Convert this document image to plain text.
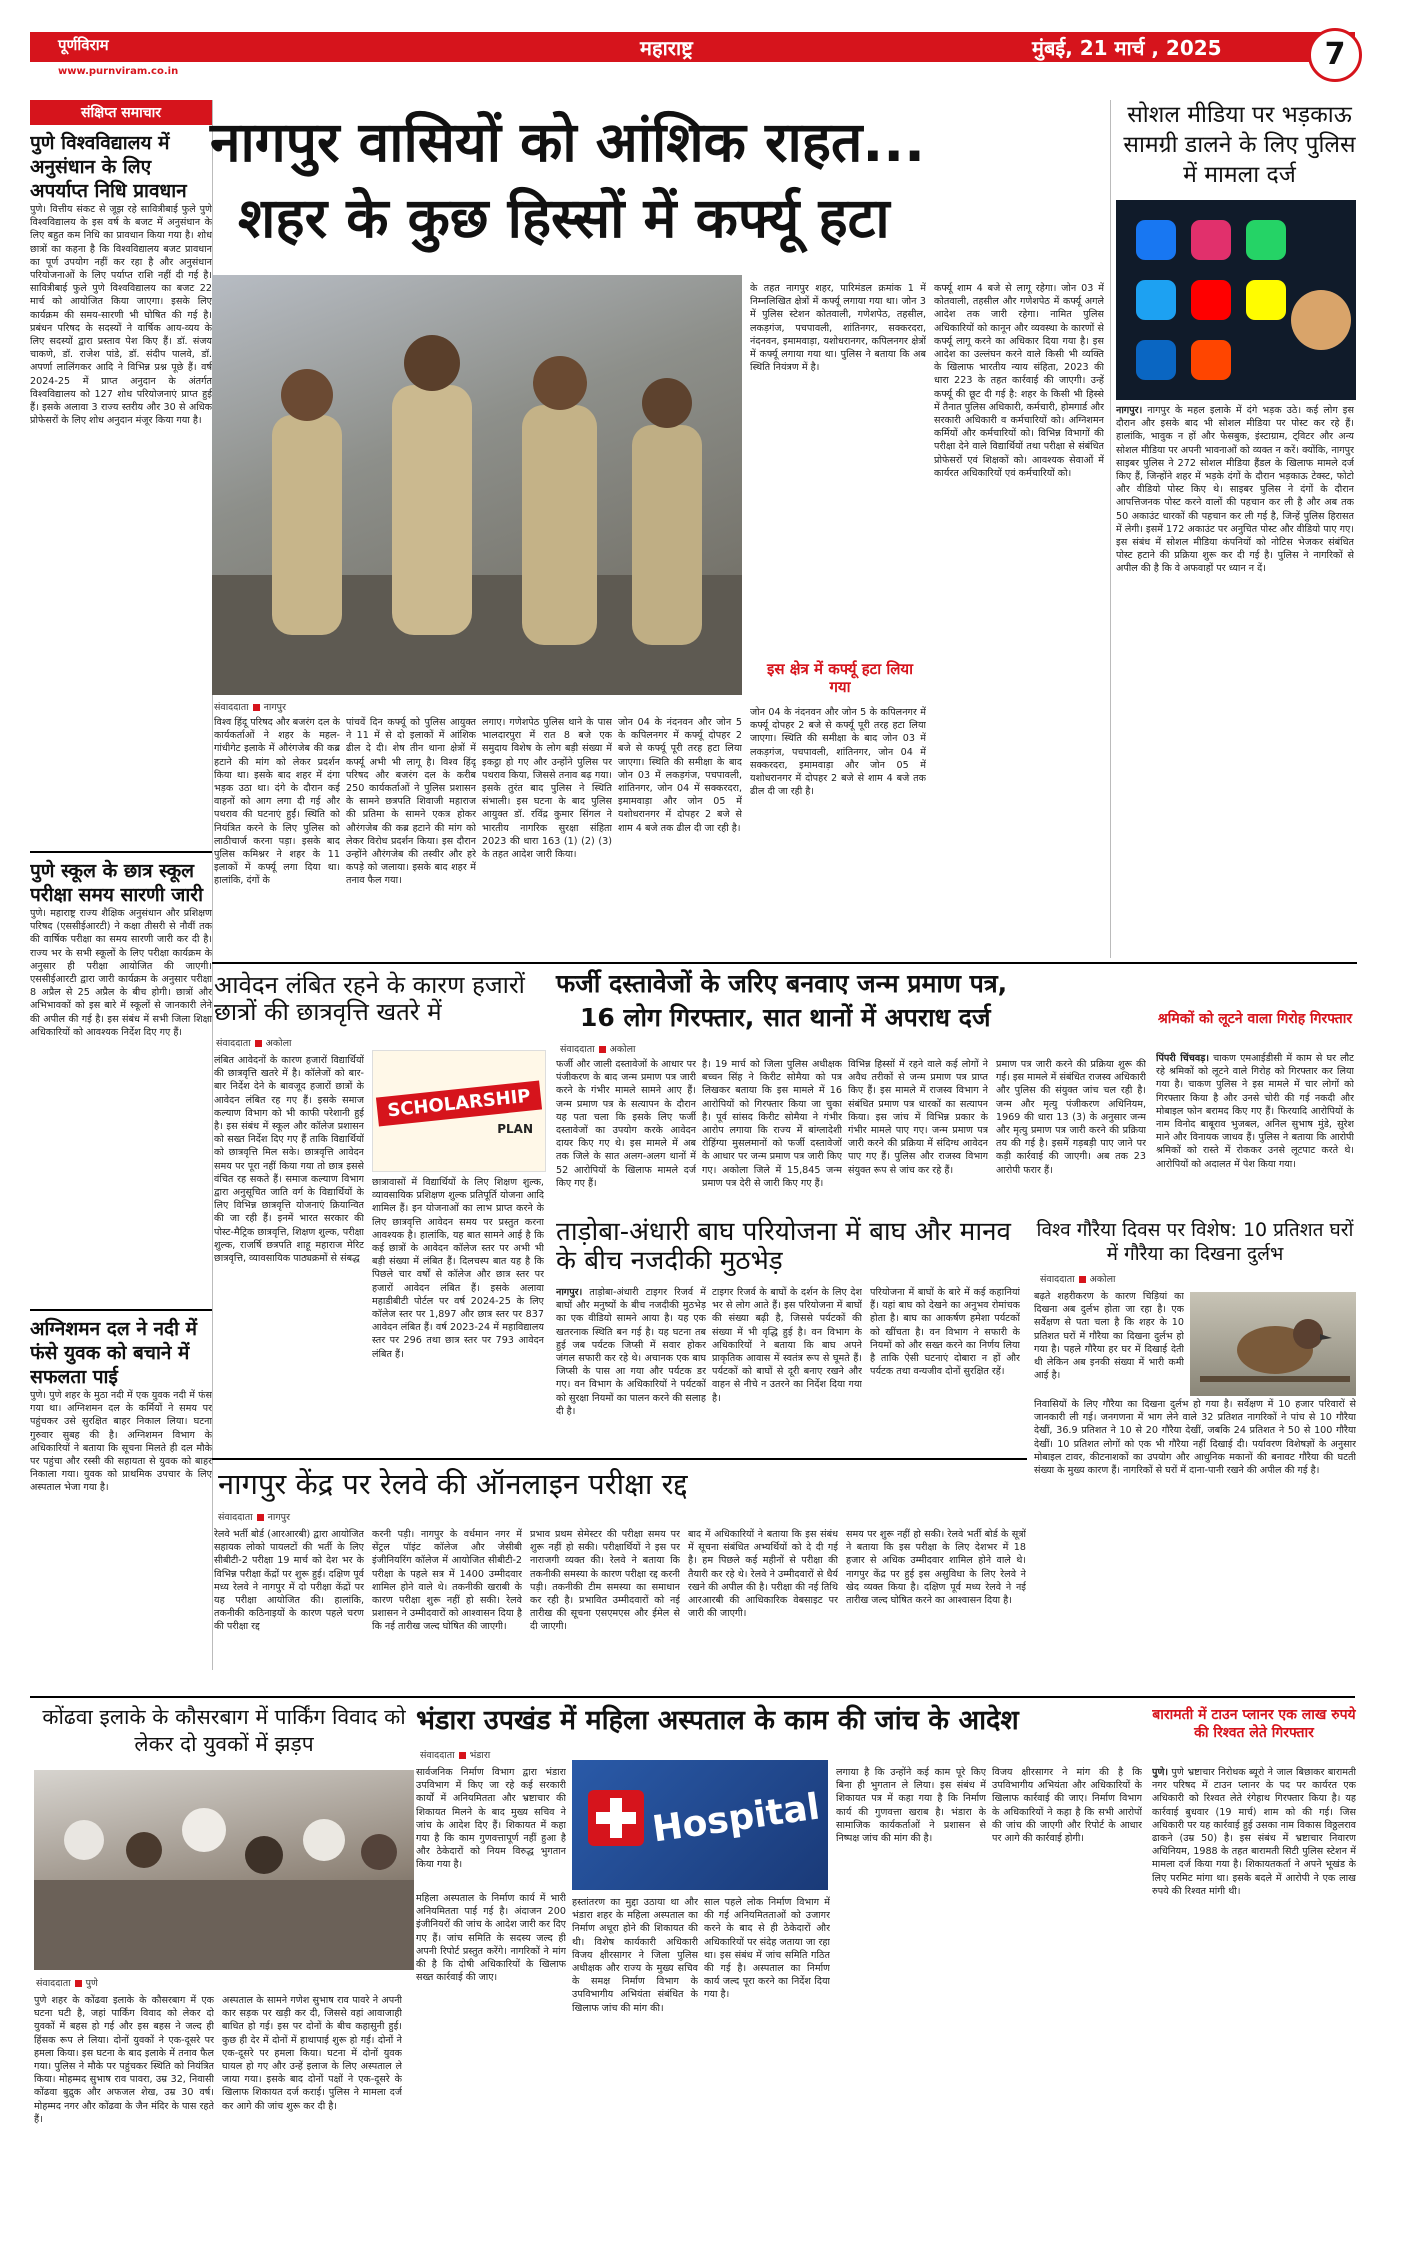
पूर्णविराम
www.purnviram.co.in
महाराष्ट्र	मुंबई, 21 मार्च , 2025	7
संक्षिप्त समाचार
पुणे विश्वविद्यालय में अनुसंधान के लिए अपर्याप्त निधि प्रावधान
पुणे। वित्तीय संकट से जूझ रहे सावित्रीबाई फुले पुणे विश्वविद्यालय के इस वर्ष के बजट में अनुसंधान के लिए बहुत कम निधि का प्रावधान किया गया है। शोध छात्रों का कहना है कि विश्वविद्यालय बजट प्रावधान का पूर्ण उपयोग नहीं कर रहा है और अनुसंधान परियोजनाओं के लिए पर्याप्त राशि नहीं दी गई है। सावित्रीबाई फुले पुणे विश्वविद्यालय का बजट 22 मार्च को आयोजित किया जाएगा। इसके लिए कार्यक्रम की समय-सारणी भी घोषित की गई है। प्रबंधन परिषद के सदस्यों ने वार्षिक आय-व्यय के लिए सदस्यों द्वारा प्रस्ताव पेश किए हैं। डॉ. संजय चाकणे, डॉ. राजेश पांडे, डॉ. संदीप पालवे, डॉ. अपर्णा लालिंगकर आदि ने विभिन्न प्रश्न पूछे हैं। वर्ष 2024-25 में प्राप्त अनुदान के अंतर्गत विश्वविद्यालय को 127 शोध परियोजनाएं प्राप्त हुई हैं। इसके अलावा 3 राज्य स्तरीय और 30 से अधिक प्रोफेसरों के लिए शोध अनुदान मंजूर किया गया है।
पुणे स्कूल के छात्र स्कूल परीक्षा समय सारणी जारी
पुणे। महाराष्ट्र राज्य शैक्षिक अनुसंधान और प्रशिक्षण परिषद (एससीईआरटी) ने कक्षा तीसरी से नौवीं तक की वार्षिक परीक्षा का समय सारणी जारी कर दी है। राज्य भर के सभी स्कूलों के लिए परीक्षा कार्यक्रम के अनुसार ही परीक्षा आयोजित की जाएगी। एससीईआरटी द्वारा जारी कार्यक्रम के अनुसार परीक्षा 8 अप्रैल से 25 अप्रैल के बीच होगी। छात्रों और अभिभावकों को इस बारे में स्कूलों से जानकारी लेने की अपील की गई है। इस संबंध में सभी जिला शिक्षा अधिकारियों को आवश्यक निर्देश दिए गए हैं।
अग्निशमन दल ने नदी में फंसे युवक को बचाने में सफलता पाई
पुणे। पुणे शहर के मुठा नदी में एक युवक नदी में फंस गया था। अग्निशमन दल के कर्मियों ने समय पर पहुंचकर उसे सुरक्षित बाहर निकाल लिया। घटना गुरुवार सुबह की है। अग्निशमन विभाग के अधिकारियों ने बताया कि सूचना मिलते ही दल मौके पर पहुंचा और रस्सी की सहायता से युवक को बाहर निकाला गया। युवक को प्राथमिक उपचार के लिए अस्पताल भेजा गया है।
नागपुर वासियों को आंशिक राहत...
शहर के कुछ हिस्सों में कर्फ्यू हटा
संवाददाता नागपुर
विश्व हिंदू परिषद और बजरंग दल के कार्यकर्ताओं ने शहर के महल-गांधीगेट इलाके में औरंगजेब की कब्र हटाने की मांग को लेकर प्रदर्शन किया था। इसके बाद शहर में दंगा भड़क उठा था। दंगे के दौरान कई वाहनों को आग लगा दी गई और पथराव की घटनाएं हुईं। स्थिति को नियंत्रित करने के लिए पुलिस को लाठीचार्ज करना पड़ा। इसके बाद पुलिस कमिश्नर ने शहर के 11 इलाकों में कर्फ्यू लगा दिया था। हालांकि, दंगों के
पांचवें दिन कर्फ्यू को पुलिस आयुक्त ने 11 में से दो इलाकों में आंशिक ढील दे दी। शेष तीन थाना क्षेत्रों में कर्फ्यू अभी भी लागू है। विश्व हिंदू परिषद और बजरंग दल के करीब 250 कार्यकर्ताओं ने पुलिस प्रशासन के सामने छत्रपति शिवाजी महाराज की प्रतिमा के सामने एकत्र होकर औरंगजेब की कब्र हटाने की मांग को लेकर विरोध प्रदर्शन किया। इस दौरान उन्होंने औरंगजेब की तस्वीर और हरे कपड़े को जलाया। इसके बाद शहर में तनाव फैल गया।
लगाए। गणेशपेठ पुलिस थाने के पास भालदारपुरा में रात 8 बजे एक समुदाय विशेष के लोग बड़ी संख्या में इकट्ठा हो गए और उन्होंने पुलिस पर पथराव किया, जिससे तनाव बढ़ गया। इसके तुरंत बाद पुलिस ने स्थिति संभाली। इस घटना के बाद पुलिस आयुक्त डॉ. रविंद्र कुमार सिंगल ने भारतीय नागरिक सुरक्षा संहिता 2023 की धारा 163 (1) (2) (3) के तहत आदेश जारी किया।
जोन 04 के नंदनवन और जोन 5 के कपिलनगर में कर्फ्यू दोपहर 2 बजे से कर्फ्यू पूरी तरह हटा लिया जाएगा। स्थिति की समीक्षा के बाद जोन 03 में लकड़गंज, पचपावली, शांतिनगर, जोन 04 में सक्करदरा, इमामवाड़ा और जोन 05 में यशोधरानगर में दोपहर 2 बजे से शाम 4 बजे तक ढील दी जा रही है।
के तहत नागपुर शहर, पारिमंडल क्रमांक 1 में निम्नलिखित क्षेत्रों में कर्फ्यू लगाया गया था। जोन 3 में पुलिस स्टेशन कोतवाली, गणेशपेठ, तहसील, लकड़गंज, पचपावली, शांतिनगर, सक्करदरा, नंदनवन, इमामवाड़ा, यशोधरानगर, कपिलनगर क्षेत्रों में कर्फ्यू लगाया गया था। पुलिस ने बताया कि अब स्थिति नियंत्रण में है।
इस क्षेत्र में कर्फ्यू हटा लिया गया
जोन 04 के नंदनवन और जोन 5 के कपिलनगर में कर्फ्यू दोपहर 2 बजे से कर्फ्यू पूरी तरह हटा लिया जाएगा। स्थिति की समीक्षा के बाद जोन 03 में लकड़गंज, पचपावली, शांतिनगर, जोन 04 में सक्करदरा, इमामवाड़ा और जोन 05 में यशोधरानगर में दोपहर 2 बजे से शाम 4 बजे तक ढील दी जा रही है।
कर्फ्यू शाम 4 बजे से लागू रहेगा। जोन 03 में कोतवाली, तहसील और गणेशपेठ में कर्फ्यू अगले आदेश तक जारी रहेगा। नामित पुलिस अधिकारियों को कानून और व्यवस्था के कारणों से कर्फ्यू लागू करने का अधिकार दिया गया है। इस आदेश का उल्लंघन करने वाले किसी भी व्यक्ति के खिलाफ भारतीय न्याय संहिता, 2023 की धारा 223 के तहत कार्रवाई की जाएगी। उन्हें कर्फ्यू की छूट दी गई है: शहर के किसी भी हिस्से में तैनात पुलिस अधिकारी, कर्मचारी, होमगार्ड और सरकारी अधिकारी व कर्मचारियों को। अग्निशमन कर्मियों और कर्मचारियों को। विभिन्न विभागों की परीक्षा देने वाले विद्यार्थियों तथा परीक्षा से संबंधित प्रोफेसरों एवं शिक्षकों को। आवश्यक सेवाओं में कार्यरत अधिकारियों एवं कर्मचारियों को।
सोशल मीडिया पर भड़काऊ सामग्री डालने के लिए पुलिस में मामला दर्ज
नागपुर। नागपुर के महल इलाके में दंगे भड़क उठे। कई लोग इस दौरान और इसके बाद भी सोशल मीडिया पर पोस्ट कर रहे हैं। हालांकि, भावुक न हों और फेसबुक, इंस्टाग्राम, ट्विटर और अन्य सोशल मीडिया पर अपनी भावनाओं को व्यक्त न करें। क्योंकि, नागपुर साइबर पुलिस ने 272 सोशल मीडिया हैंडल के खिलाफ मामले दर्ज किए हैं, जिन्होंने शहर में भड़के दंगों के दौरान भड़काऊ टेक्स्ट, फोटो और वीडियो पोस्ट किए थे। साइबर पुलिस ने दंगों के दौरान आपत्तिजनक पोस्ट करने वालों की पहचान कर ली है और अब तक 50 अकाउंट धारकों की पहचान कर ली गई है, जिन्हें पुलिस हिरासत में लेगी। इसमें 172 अकाउंट पर अनुचित पोस्ट और वीडियो पाए गए। इस संबंध में सोशल मीडिया कंपनियों को नोटिस भेजकर संबंधित पोस्ट हटाने की प्रक्रिया शुरू कर दी गई है। पुलिस ने नागरिकों से अपील की है कि वे अफवाहों पर ध्यान न दें।
आवेदन लंबित रहने के कारण हजारों छात्रों की छात्रवृत्ति खतरे में
संवाददाता अकोला
लंबित आवेदनों के कारण हजारों विद्यार्थियों की छात्रवृत्ति खतरे में है। कॉलेजों को बार-बार निर्देश देने के बावजूद हजारों छात्रों के आवेदन लंबित रह गए हैं। इसके समाज कल्याण विभाग को भी काफी परेशानी हुई है। इस संबंध में स्कूल और कॉलेज प्रशासन को सख्त निर्देश दिए गए हैं ताकि विद्यार्थियों को छात्रवृत्ति मिल सके। छात्रवृत्ति आवेदन समय पर पूरा नहीं किया गया तो छात्र इससे वंचित रह सकते हैं। समाज कल्याण विभाग द्वारा अनुसूचित जाति वर्ग के विद्यार्थियों के लिए विभिन्न छात्रवृत्ति योजनाएं क्रियान्वित की जा रही हैं। इनमें भारत सरकार की पोस्ट-मैट्रिक छात्रवृत्ति, शिक्षण शुल्क, परीक्षा शुल्क, राजर्षि छत्रपति शाहू महाराज मेरिट छात्रवृत्ति, व्यावसायिक पाठ्यक्रमों से संबद्ध
SCHOLARSHIP
PLAN
छात्रावासों में विद्यार्थियों के लिए शिक्षण शुल्क, व्यावसायिक प्रशिक्षण शुल्क प्रतिपूर्ति योजना आदि शामिल हैं। इन योजनाओं का लाभ प्राप्त करने के लिए छात्रवृत्ति आवेदन समय पर प्रस्तुत करना आवश्यक है। हालांकि, यह बात सामने आई है कि कई छात्रों के आवेदन कॉलेज स्तर पर अभी भी बड़ी संख्या में लंबित हैं। दिलचस्प बात यह है कि पिछले चार वर्षों से कॉलेज और छात्र स्तर पर हजारों आवेदन लंबित हैं। इसके अलावा महाडीबीटी पोर्टल पर वर्ष 2024-25 के लिए कॉलेज स्तर पर 1,897 और छात्र स्तर पर 837 आवेदन लंबित हैं। वर्ष 2023-24 में महाविद्यालय स्तर पर 296 तथा छात्र स्तर पर 793 आवेदन लंबित हैं।
फर्जी दस्तावेजों के जरिए बनवाए जन्म प्रमाण पत्र,
16 लोग गिरफ्तार, सात थानों में अपराध दर्ज
संवाददाता अकोला
फर्जी और जाली दस्तावेजों के आधार पर पंजीकरण के बाद जन्म प्रमाण पत्र जारी करने के गंभीर मामले सामने आए हैं। जन्म प्रमाण पत्र के सत्यापन के दौरान यह पता चला कि इसके लिए फर्जी दस्तावेजों का उपयोग करके आवेदन दायर किए गए थे। इस मामले में अब तक जिले के सात अलग-अलग थानों में 52 आरोपियों के खिलाफ मामले दर्ज किए गए हैं।
है। 19 मार्च को जिला पुलिस अधीक्षक बच्चन सिंह ने किरीट सोमैया को पत्र लिखकर बताया कि इस मामले में 16 आरोपियों को गिरफ्तार किया जा चुका है। पूर्व सांसद किरीट सोमैया ने गंभीर आरोप लगाया कि राज्य में बांग्लादेशी रोहिंग्या मुसलमानों को फर्जी दस्तावेजों के आधार पर जन्म प्रमाण पत्र जारी किए गए। अकोला जिले में 15,845 जन्म प्रमाण पत्र देरी से जारी किए गए हैं।
विभिन्न हिस्सों में रहने वाले कई लोगों ने अवैध तरीकों से जन्म प्रमाण पत्र प्राप्त किए हैं। इस मामले में राजस्व विभाग ने संबंधित प्रमाण पत्र धारकों का सत्यापन किया। इस जांच में विभिन्न प्रकार के गंभीर मामले पाए गए। जन्म प्रमाण पत्र जारी करने की प्रक्रिया में संदिग्ध आवेदन पाए गए हैं। पुलिस और राजस्व विभाग संयुक्त रूप से जांच कर रहे हैं।
प्रमाण पत्र जारी करने की प्रक्रिया शुरू की गई। इस मामले में संबंधित राजस्व अधिकारी और पुलिस की संयुक्त जांच चल रही है। जन्म और मृत्यु पंजीकरण अधिनियम, 1969 की धारा 13 (3) के अनुसार जन्म और मृत्यु प्रमाण पत्र जारी करने की प्रक्रिया तय की गई है। इसमें गड़बड़ी पाए जाने पर कड़ी कार्रवाई की जाएगी। अब तक 23 आरोपी फरार हैं।
श्रमिकों को लूटने वाला गिरोह गिरफ्तार
पिंपरी चिंचवड़। चाकण एमआईडीसी में काम से घर लौट रहे श्रमिकों को लूटने वाले गिरोह को गिरफ्तार कर लिया गया है। चाकण पुलिस ने इस मामले में चार लोगों को गिरफ्तार किया है और उनसे चोरी की गई नकदी और मोबाइल फोन बरामद किए गए हैं। फिरयादि आरोपियों के नाम विनोद बाबूराव भुजबल, अनिल सुभाष मुंडे, सुरेश माने और विनायक जाधव हैं। पुलिस ने बताया कि आरोपी श्रमिकों को रास्ते में रोककर उनसे लूटपाट करते थे। आरोपियों को अदालत में पेश किया गया।
ताड़ोबा-अंधारी बाघ परियोजना में बाघ और मानव के बीच नजदीकी मुठभेड़
नागपुर। ताड़ोबा-अंधारी टाइगर रिजर्व में बाघों और मनुष्यों के बीच नजदीकी मुठभेड़ का एक वीडियो सामने आया है। यह एक खतरनाक स्थिति बन गई है। यह घटना तब हुई जब पर्यटक जिप्सी में सवार होकर जंगल सफारी कर रहे थे। अचानक एक बाघ जिप्सी के पास आ गया और पर्यटक डर गए। वन विभाग के अधिकारियों ने पर्यटकों को सुरक्षा नियमों का पालन करने की सलाह दी है।
टाइगर रिजर्व के बाघों के दर्शन के लिए देश भर से लोग आते हैं। इस परियोजना में बाघों की संख्या बढ़ी है, जिससे पर्यटकों की संख्या में भी वृद्धि हुई है। वन विभाग के अधिकारियों ने बताया कि बाघ अपने प्राकृतिक आवास में स्वतंत्र रूप से घूमते हैं। पर्यटकों को बाघों से दूरी बनाए रखने और वाहन से नीचे न उतरने का निर्देश दिया गया है।
परियोजना में बाघों के बारे में कई कहानियां हैं। यहां बाघ को देखने का अनुभव रोमांचक होता है। बाघ का आकर्षण हमेशा पर्यटकों को खींचता है। वन विभाग ने सफारी के नियमों को और सख्त करने का निर्णय लिया है ताकि ऐसी घटनाएं दोबारा न हों और पर्यटक तथा वन्यजीव दोनों सुरक्षित रहें।
विश्व गौरैया दिवस पर विशेष: 10 प्रतिशत घरों में गौरैया का दिखना दुर्लभ
संवाददाता अकोला
बढ़ते शहरीकरण के कारण चिड़ियां का दिखना अब दुर्लभ होता जा रहा है। एक सर्वेक्षण से पता चला है कि शहर के 10 प्रतिशत घरों में गौरैया का दिखना दुर्लभ हो गया है। पहले गौरैया हर घर में दिखाई देती थी लेकिन अब इनकी संख्या में भारी कमी आई है।
निवासियों के लिए गौरैया का दिखना दुर्लभ हो गया है। सर्वेक्षण में 10 हजार परिवारों से जानकारी ली गई। जनगणना में भाग लेने वाले 32 प्रतिशत नागरिकों ने पांच से 10 गौरैया देखीं, 36.9 प्रतिशत ने 10 से 20 गौरैया देखीं, जबकि 24 प्रतिशत ने 50 से 100 गौरैया देखीं। 10 प्रतिशत लोगों को एक भी गौरैया नहीं दिखाई दी। पर्यावरण विशेषज्ञों के अनुसार मोबाइल टावर, कीटनाशकों का उपयोग और आधुनिक मकानों की बनावट गौरैया की घटती संख्या के मुख्य कारण हैं। नागरिकों से घरों में दाना-पानी रखने की अपील की गई है।
नागपुर केंद्र पर रेलवे की ऑनलाइन परीक्षा रद्द
संवाददाता नागपुर
रेलवे भर्ती बोर्ड (आरआरबी) द्वारा आयोजित सहायक लोको पायलटों की भर्ती के लिए सीबीटी-2 परीक्षा 19 मार्च को देश भर के विभिन्न परीक्षा केंद्रों पर शुरू हुई। दक्षिण पूर्व मध्य रेलवे ने नागपुर में दो परीक्षा केंद्रों पर यह परीक्षा आयोजित की। हालांकि, तकनीकी कठिनाइयों के कारण पहले चरण की परीक्षा रद्द
करनी पड़ी। नागपुर के वर्धमान नगर में सेंट्रल पॉइंट कॉलेज और जेसीबी इंजीनियरिंग कॉलेज में आयोजित सीबीटी-2 परीक्षा के पहले सत्र में 1400 उम्मीदवार शामिल होने वाले थे। तकनीकी खराबी के कारण परीक्षा शुरू नहीं हो सकी। रेलवे प्रशासन ने उम्मीदवारों को आश्वासन दिया है कि नई तारीख जल्द घोषित की जाएगी।
प्रभाव प्रथम सेमेस्टर की परीक्षा समय पर शुरू नहीं हो सकी। परीक्षार्थियों ने इस पर नाराजगी व्यक्त की। रेलवे ने बताया कि तकनीकी समस्या के कारण परीक्षा रद्द करनी पड़ी। तकनीकी टीम समस्या का समाधान कर रही है। प्रभावित उम्मीदवारों को नई तारीख की सूचना एसएमएस और ईमेल से दी जाएगी।
बाद में अधिकारियों ने बताया कि इस संबंध में सूचना संबंधित अभ्यर्थियों को दे दी गई है। हम पिछले कई महीनों से परीक्षा की तैयारी कर रहे थे। रेलवे ने उम्मीदवारों से धैर्य रखने की अपील की है। परीक्षा की नई तिथि आरआरबी की आधिकारिक वेबसाइट पर जारी की जाएगी।
समय पर शुरू नहीं हो सकी। रेलवे भर्ती बोर्ड के सूत्रों ने बताया कि इस परीक्षा के लिए देशभर में 18 हजार से अधिक उम्मीदवार शामिल होने वाले थे। नागपुर केंद्र पर हुई इस असुविधा के लिए रेलवे ने खेद व्यक्त किया है। दक्षिण पूर्व मध्य रेलवे ने नई तारीख जल्द घोषित करने का आश्वासन दिया है।
कोंढवा इलाके के कौसरबाग में पार्किंग विवाद को लेकर दो युवकों में झड़प
संवाददाता पुणे
पुणे शहर के कोंढवा इलाके के कौसरबाग में एक घटना घटी है, जहां पार्किंग विवाद को लेकर दो युवकों में बहस हो गई और इस बहस ने जल्द ही हिंसक रूप ले लिया। दोनों युवकों ने एक-दूसरे पर हमला किया। इस घटना के बाद इलाके में तनाव फैल गया। पुलिस ने मौके पर पहुंचकर स्थिति को नियंत्रित किया। मोहम्मद सुभाष राव पावरा, उम्र 32, निवासी कोंढवा बुद्रुक और अफजल शेख, उम्र 30 वर्ष। मोहम्मद नगर और कोंढवा के जैन मंदिर के पास रहते हैं।
अस्पताल के सामने गणेश सुभाष राव पावरे ने अपनी कार सड़क पर खड़ी कर दी, जिससे वहां आवाजाही बाधित हो गई। इस पर दोनों के बीच कहासुनी हुई। कुछ ही देर में दोनों में हाथापाई शुरू हो गई। दोनों ने एक-दूसरे पर हमला किया। घटना में दोनों युवक घायल हो गए और उन्हें इलाज के लिए अस्पताल ले जाया गया। इसके बाद दोनों पक्षों ने एक-दूसरे के खिलाफ शिकायत दर्ज कराई। पुलिस ने मामला दर्ज कर आगे की जांच शुरू कर दी है।
भंडारा उपखंड में महिला अस्पताल के काम की जांच के आदेश
संवाददाता भंडारा
सार्वजनिक निर्माण विभाग द्वारा भंडारा उपविभाग में किए जा रहे कई सरकारी कार्यों में अनियमितता और भ्रष्टाचार की शिकायत मिलने के बाद मुख्य सचिव ने जांच के आदेश दिए हैं। शिकायत में कहा गया है कि काम गुणवत्तापूर्ण नहीं हुआ है और ठेकेदारों को नियम विरुद्ध भुगतान किया गया है।
Hospital
महिला अस्पताल के निर्माण कार्य में भारी अनियमितता पाई गई है। अंदाजन 200 इंजीनियरों की जांच के आदेश जारी कर दिए गए हैं। जांच समिति के सदस्य जल्द ही अपनी रिपोर्ट प्रस्तुत करेंगे। नागरिकों ने मांग की है कि दोषी अधिकारियों के खिलाफ सख्त कार्रवाई की जाए।
हस्तांतरण का मुद्दा उठाया था और भंडारा शहर के महिला अस्पताल का निर्माण अधूरा होने की शिकायत की थी। विशेष कार्यकारी अधिकारी विजय क्षीरसागर ने जिला पुलिस अधीक्षक और राज्य के मुख्य सचिव के समक्ष निर्माण विभाग के उपविभागीय अभियंता संबंधित के खिलाफ जांच की मांग की।
साल पहले लोक निर्माण विभाग में की गई अनियमितताओं को उजागर करने के बाद से ही ठेकेदारों और अधिकारियों पर संदेह जताया जा रहा था। इस संबंध में जांच समिति गठित की गई है। अस्पताल का निर्माण कार्य जल्द पूरा करने का निर्देश दिया गया है।
लगाया है कि उन्होंने कई काम पूरे किए बिना ही भुगतान ले लिया। इस संबंध में शिकायत पत्र में कहा गया है कि निर्माण कार्य की गुणवत्ता खराब है। भंडारा के सामाजिक कार्यकर्ताओं ने प्रशासन से निष्पक्ष जांच की मांग की है।
विजय क्षीरसागर ने मांग की है कि उपविभागीय अभियंता और अधिकारियों के खिलाफ कार्रवाई की जाए। निर्माण विभाग के अधिकारियों ने कहा है कि सभी आरोपों की जांच की जाएगी और रिपोर्ट के आधार पर आगे की कार्रवाई होगी।
बारामती में टाउन प्लानर एक लाख रुपये की रिश्वत लेते गिरफ्तार
पुणे। पुणे भ्रष्टाचार निरोधक ब्यूरो ने जाल बिछाकर बारामती नगर परिषद में टाउन प्लानर के पद पर कार्यरत एक अधिकारी को रिश्वत लेते रंगेहाथ गिरफ्तार किया है। यह कार्रवाई बुधवार (19 मार्च) शाम को की गई। जिस अधिकारी पर यह कार्रवाई हुई उसका नाम विकास विठ्ठलराव ढाकने (उम्र 50) है। इस संबंध में भ्रष्टाचार निवारण अधिनियम, 1988 के तहत बारामती सिटी पुलिस स्टेशन में मामला दर्ज किया गया है। शिकायतकर्ता ने अपने भूखंड के लिए परमिट मांगा था। इसके बदले में आरोपी ने एक लाख रुपये की रिश्वत मांगी थी।
